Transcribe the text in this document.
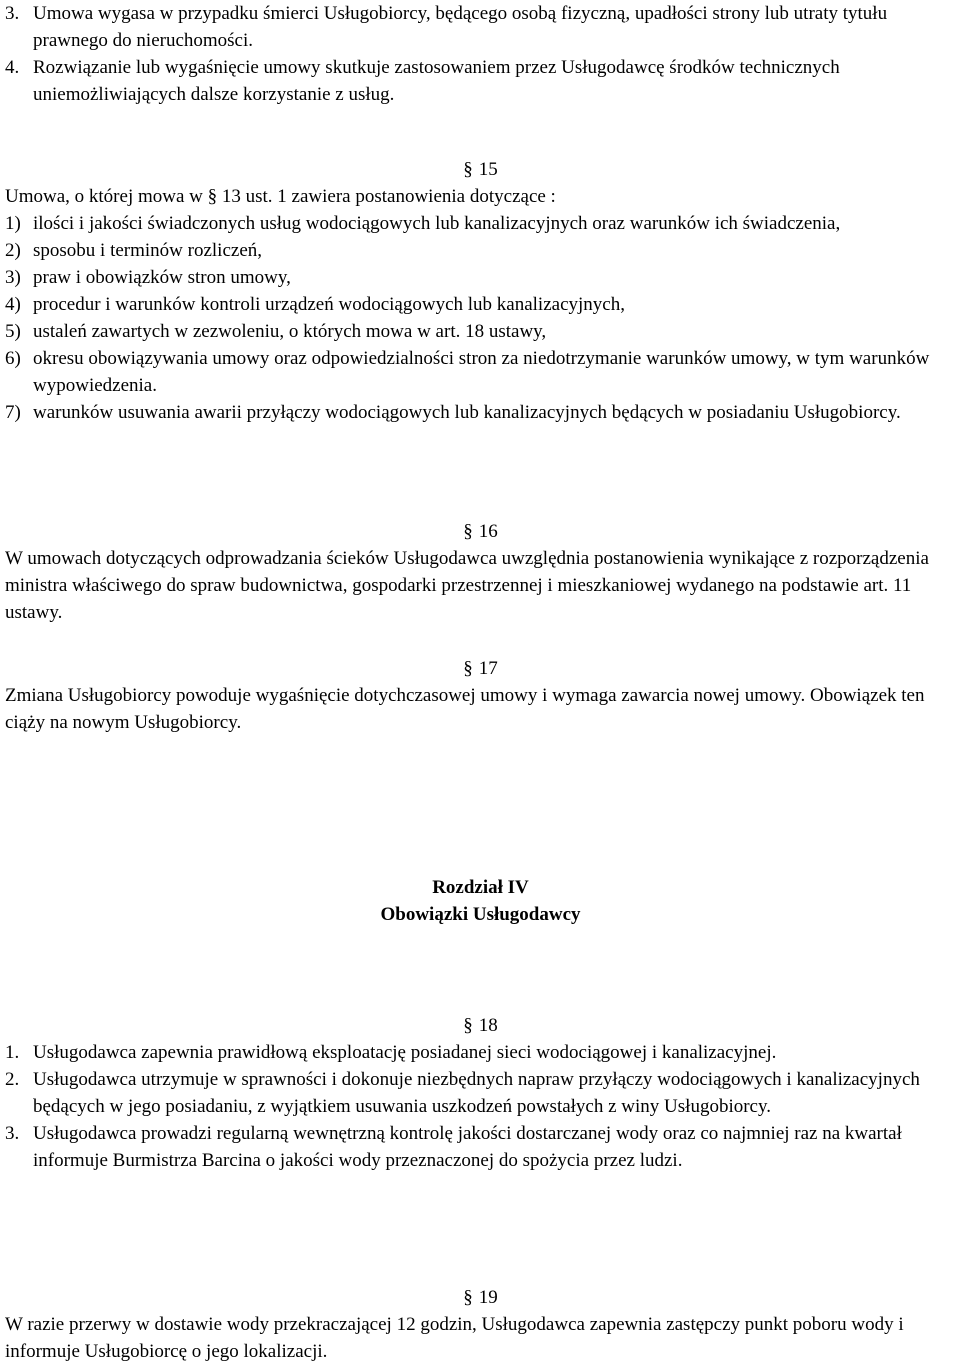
3. Umowa wygasa w przypadku śmierci Usługobiorcy, będącego osobą fizyczną, upadłości strony lub utraty tytułu prawnego do nieruchomości.
4. Rozwiązanie lub wygaśnięcie umowy skutkuje zastosowaniem przez Usługodawcę środków technicznych uniemożliwiających dalsze korzystanie z usług.
§ 15

Umowa, o której mowa w § 13 ust. 1 zawiera postanowienia dotyczące :

1) ilości i jakości świadczonych usług wodociągowych lub kanalizacyjnych oraz warunków ich świadczenia,
2) sposobu i terminów rozliczeń,
3) praw i obowiązków stron umowy,
4) procedur i warunków kontroli urządzeń wodociągowych lub kanalizacyjnych,
5) ustaleń zawartych w zezwoleniu, o których mowa w art. 18 ustawy,
6) okresu obowiązywania umowy oraz odpowiedzialności stron za niedotrzymanie warunków umowy, w tym warunków wypowiedzenia.
7) warunków usuwania awarii przyłączy wodociągowych lub kanalizacyjnych będących w posiadaniu Usługobiorcy.
§ 16

W umowach dotyczących odprowadzania ścieków Usługodawca uwzględnia postanowienia wynikające z rozporządzenia ministra właściwego do spraw budownictwa, gospodarki przestrzennej i mieszkaniowej wydanego na podstawie art. 11 ustawy.

§ 17

Zmiana Usługobiorcy powoduje wygaśnięcie dotychczasowej umowy i wymaga zawarcia nowej umowy. Obowiązek ten ciąży na nowym Usługobiorcy.

Rozdział IV
Obowiązki Usługodawcy
§ 18
1. Usługodawca zapewnia prawidłową eksploatację posiadanej sieci wodociągowej i kanalizacyjnej.
2. Usługodawca utrzymuje w sprawności i dokonuje niezbędnych napraw przyłączy wodociągowych i kanalizacyjnych będących w jego posiadaniu, z wyjątkiem usuwania uszkodzeń powstałych z winy Usługobiorcy.
3. Usługodawca prowadzi regularną wewnętrzną kontrolę jakości dostarczanej wody oraz co najmniej raz na kwartał informuje Burmistrza Barcina o jakości wody przeznaczonej do spożycia przez ludzi.
§ 19

W razie przerwy w dostawie wody przekraczającej 12 godzin, Usługodawca zapewnia zastępczy punkt poboru wody i informuje Usługobiorcę o jego lokalizacji.
